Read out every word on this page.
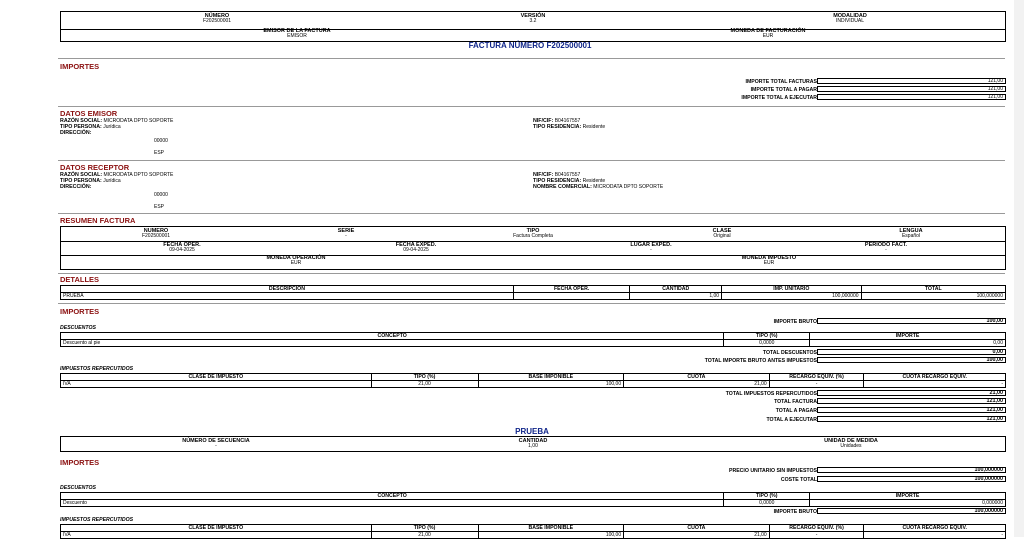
NÚMERO
F202500001
VERSIÓN
3.2
MODALIDAD
INDIVIDUAL
EMISOR DE LA FACTURA
EMISOR
MONEDA DE FACTURACIÓN
EUR
FACTURA NÚMERO F202500001
IMPORTES
IMPORTE TOTAL FACTURAS	121,00
IMPORTE TOTAL A PAGAR	121,00
IMPORTE TOTAL A EJECUTAR	121,00
DATOS EMISOR
RAZÓN SOCIAL: MICRODATA DPTO SOPORTE
TIPO PERSONA: Jurídica
DIRECCIÓN:
00000
ESP
NIF/CIF: B04167557
TIPO RESIDENCIA: Residente
DATOS RECEPTOR
RAZÓN SOCIAL: MICRODATA DPTO SOPORTE
TIPO PERSONA: Jurídica
DIRECCIÓN:
00000
ESP
NIF/CIF: B04167557
TIPO RESIDENCIA: Residente
NOMBRE COMERCIAL: MICRODATA DPTO SOPORTE
RESUMEN FACTURA
NUMERO
F202500001
SERIE
-
TIPO
Factura Completa
CLASE
Original
LENGUA
Español
FECHA OPER.
09-04-2025
FECHA EXPED.
09-04-2025
LUGAR EXPED.
-
PERIODO FACT.
-
MONEDA OPERACIÓN
EUR
MONEDA IMPUESTO
EUR
DETALLES
DESCRIPCIÓN	FECHA OPER.	CANTIDAD	IMP. UNITARIO	TOTAL
PRUEBA		1,00	100,000000	100,000000
IMPORTES
IMPORTE BRUTO	100,00
DESCUENTOS
CONCEPTO	TIPO (%)	IMPORTE
Descuento al pie	0,0000	0,00
TOTAL DESCUENTOS	0,00
TOTAL IMPORTE BRUTO ANTES IMPUESTOS	100,00
IMPUESTOS REPERCUTIDOS
CLASE DE IMPUESTO	TIPO (%)	BASE IMPONIBLE	CUOTA	RECARGO EQUIV. (%)	CUOTA RECARGO EQUIV.
IVA	21,00	100,00	21,00	-	-
TOTAL IMPUESTOS REPERCUTIDOS	21,00
TOTAL FACTURA	121,00
TOTAL A PAGAR	121,00
TOTAL A EJECUTAR	121,00
PRUEBA
NÚMERO DE SECUENCIA
-
CANTIDAD
1,00
UNIDAD DE MEDIDA
Unidades
IMPORTES
PRECIO UNITARIO SIN IMPUESTOS	100,000000
COSTE TOTAL	100,000000
DESCUENTOS
CONCEPTO	TIPO (%)	IMPORTE
Descuento	0,0000	0,000000
IMPORTE BRUTO	100,000000
IMPUESTOS REPERCUTIDOS
CLASE DE IMPUESTO	TIPO (%)	BASE IMPONIBLE	CUOTA	RECARGO EQUIV. (%)	CUOTA RECARGO EQUIV.
IVA	21,00	100,00	21,00	-	-
